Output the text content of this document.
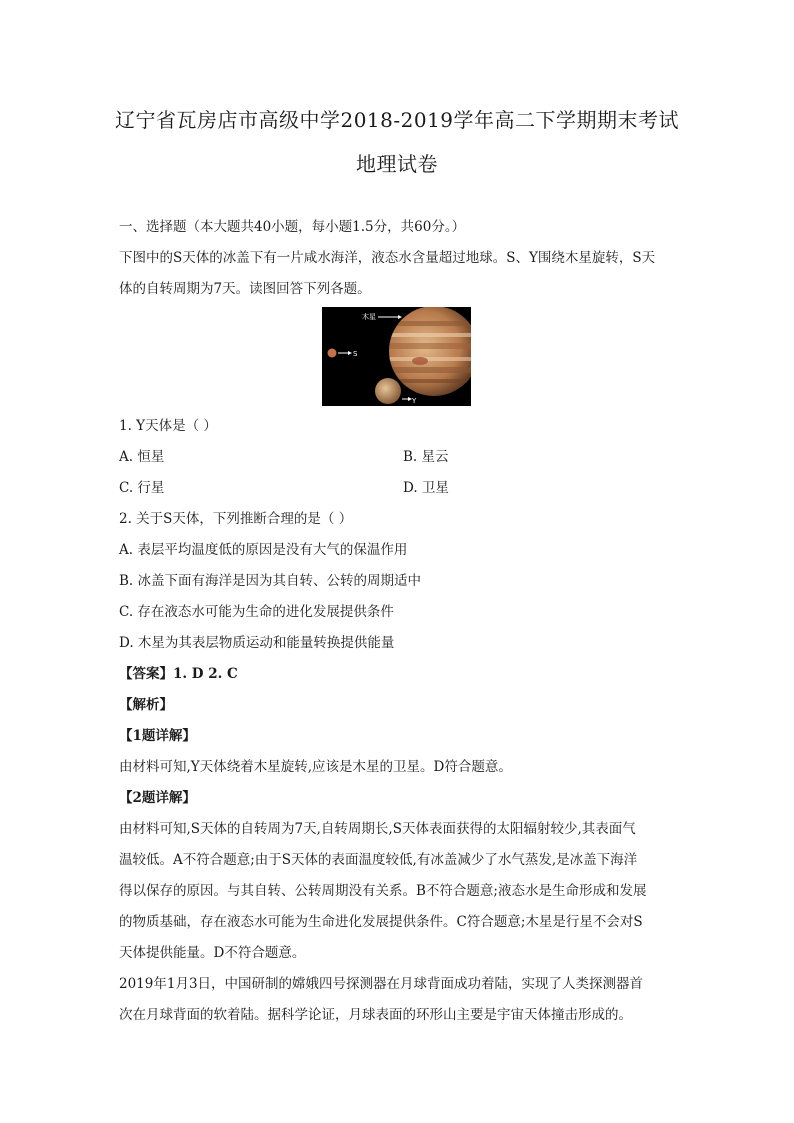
辽宁省瓦房店市高级中学2018-2019学年高二下学期期末考试
地理试卷

一、选择题（本大题共40小题，每小题1.5分，共60分。）

下图中的S天体的冰盖下有一片咸水海洋，液态水含量超过地球。S、Y围绕木星旋转，S天

体的自转周期为7天。读图回答下列各题。

S
Y
木星

1. Y天体是（ ）

A. 恒星	B. 星云

C. 行星	D. 卫星

2. 关于S天体，下列推断合理的是（ ）

A. 表层平均温度低的原因是没有大气的保温作用

B. 冰盖下面有海洋是因为其自转、公转的周期适中

C. 存在液态水可能为生命的进化发展提供条件

D. 木星为其表层物质运动和能量转换提供能量

【答案】1. D 2. C

【解析】

【1题详解】

由材料可知,Y天体绕着木星旋转,应该是木星的卫星。D符合题意。

【2题详解】

由材料可知,S天体的自转周为7天,自转周期长,S天体表面获得的太阳辐射较少,其表面气

温较低。A不符合题意;由于S天体的表面温度较低,有冰盖减少了水气蒸发,是冰盖下海洋

得以保存的原因。与其自转、公转周期没有关系。B不符合题意;液态水是生命形成和发展

的物质基础，存在液态水可能为生命进化发展提供条件。C符合题意;木星是行星不会对S

天体提供能量。D不符合题意。

2019年1月3日，中国研制的嫦娥四号探测器在月球背面成功着陆，实现了人类探测器首

次在月球背面的软着陆。据科学论证，月球表面的环形山主要是宇宙天体撞击形成的。
